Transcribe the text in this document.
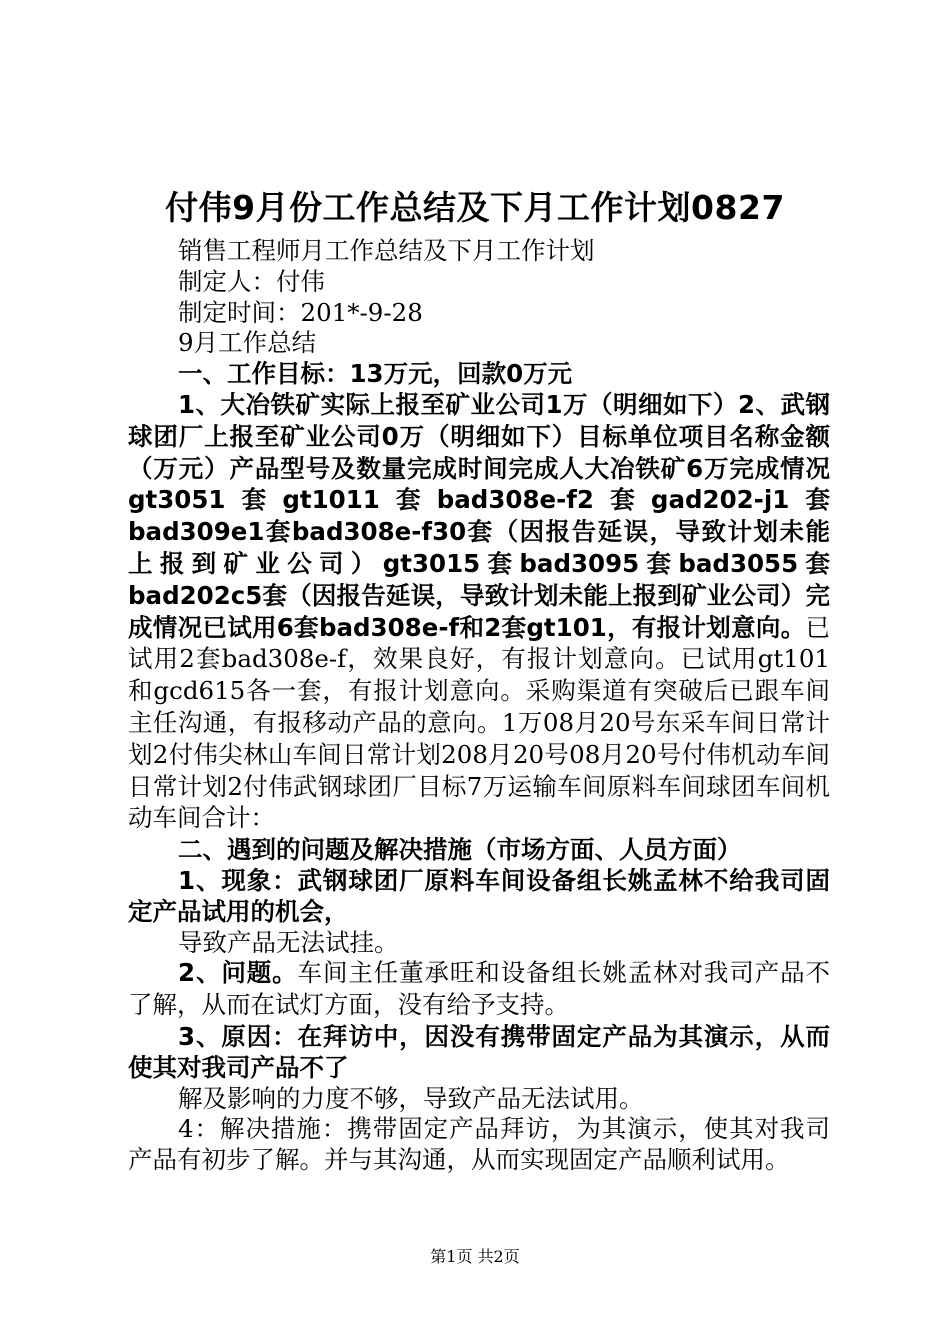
付伟9月份工作总结及下月工作计划0827

销售工程师月工作总结及下月工作计划

制定人：付伟

制定时间：201*-9-28

9月工作总结

一、工作目标：13万元，回款0万元

1、大冶铁矿实际上报至矿业公司1万（明细如下）2、武钢球团厂上报至矿业公司0万（明细如下）目标单位项目名称金额（万元）产品型号及数量完成时间完成人大冶铁矿6万完成情况gt3051套gt1011套bad308e-f2套gad202-j1套bad309e1套bad308e-f30套（因报告延误，导致计划未能上报到矿业公司）gt3015套bad3095套bad3055套bad202c5套（因报告延误，导致计划未能上报到矿业公司）完成情况已试用6套bad308e-f和2套gt101，有报计划意向。已试用2套bad308e-f，效果良好，有报计划意向。已试用gt101和gcd615各一套，有报计划意向。采购渠道有突破后已跟车间主任沟通，有报移动产品的意向。1万08月20号东采车间日常计划2付伟尖林山车间日常计划208月20号08月20号付伟机动车间日常计划2付伟武钢球团厂目标7万运输车间原料车间球团车间机动车间合计：

二、遇到的问题及解决措施（市场方面、人员方面）

1、现象：武钢球团厂原料车间设备组长姚孟林不给我司固定产品试用的机会，

导致产品无法试挂。

2、问题。车间主任董承旺和设备组长姚孟林对我司产品不了解，从而在试灯方面，没有给予支持。

3、原因：在拜访中，因没有携带固定产品为其演示，从而使其对我司产品不了

解及影响的力度不够，导致产品无法试用。

4：解决措施：携带固定产品拜访，为其演示，使其对我司产品有初步了解。并与其沟通，从而实现固定产品顺利试用。

第1页 共2页
